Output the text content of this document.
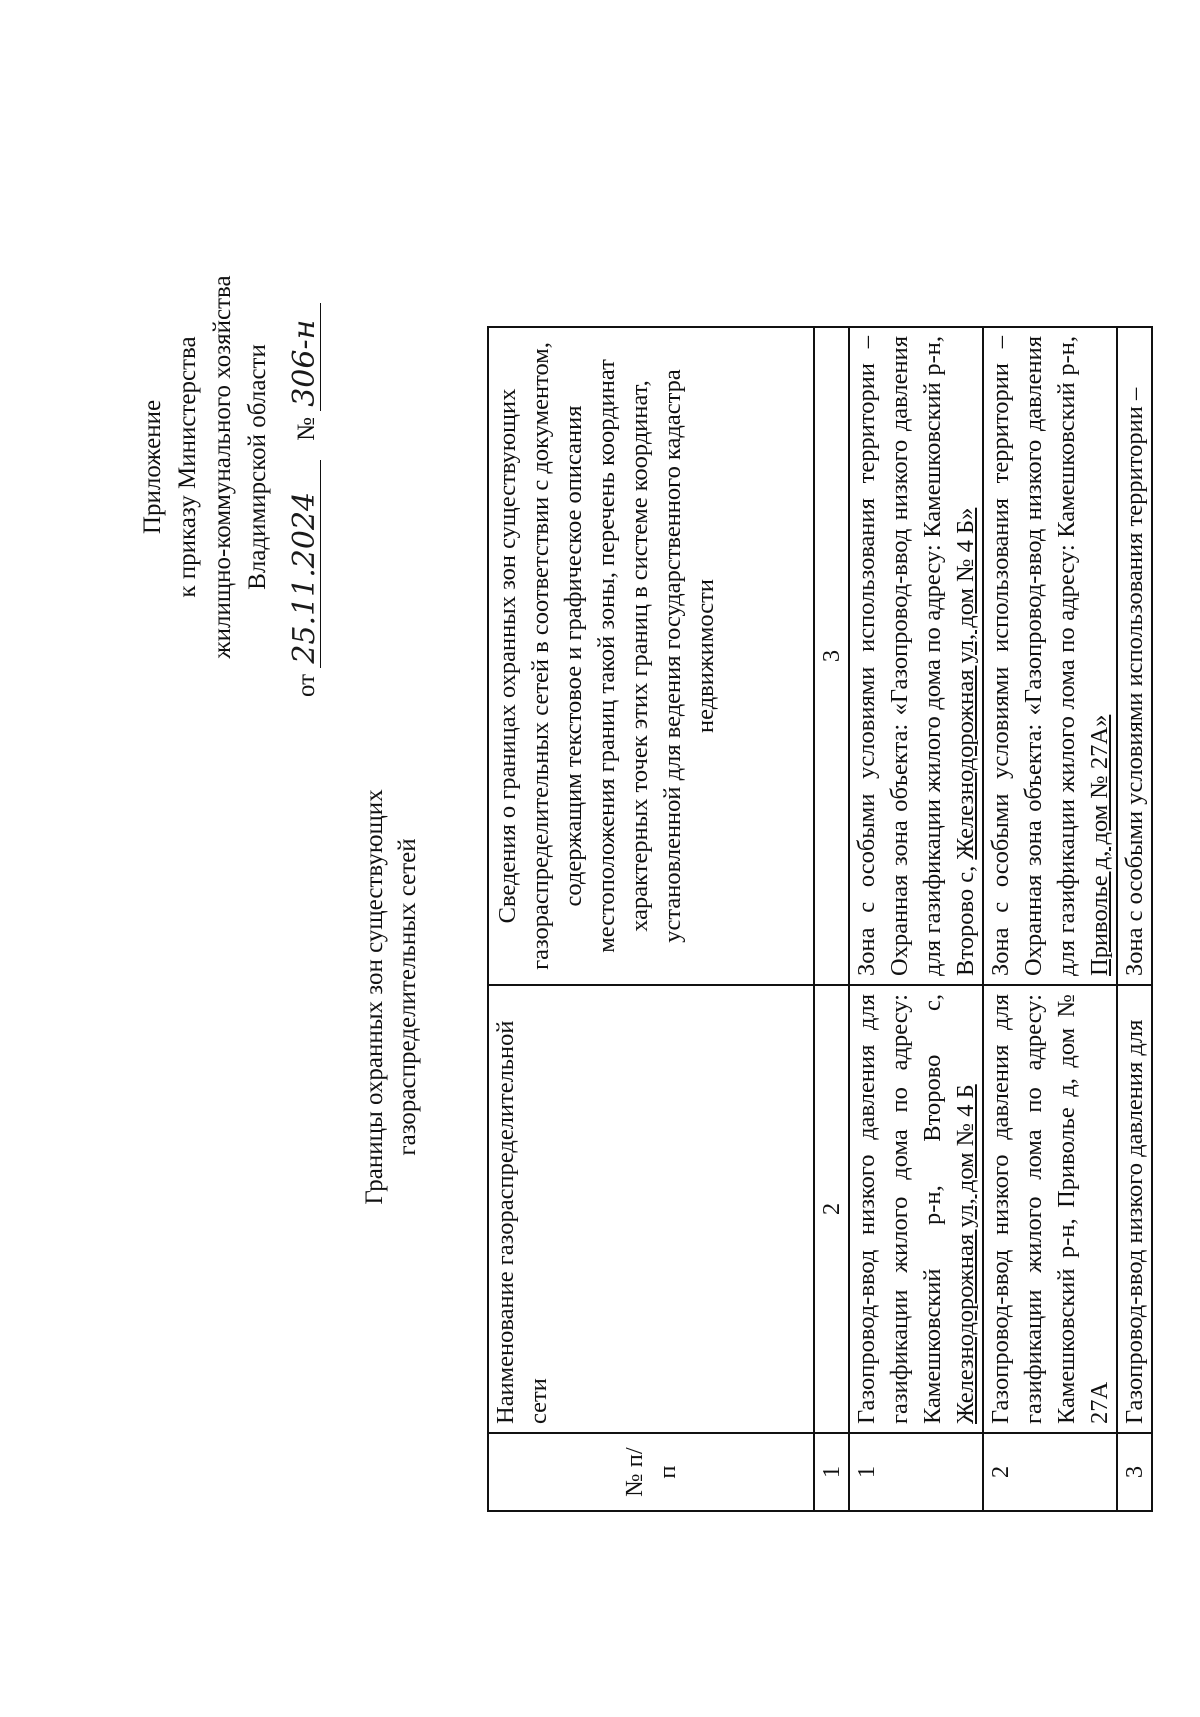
Приложение к приказу Министерства жилищно-коммунального хозяйства Владимирской области
от 25.11.2024   № 306-н
Границы охранных зон существующих газораспределительных сетей
№ п/п	Наименование газораспределительной сети	Сведения о границах охранных зон существующих газораспределительных сетей в соответствии с документом, содержащим текстовое и графическое описания местоположения границ такой зоны, перечень координат характерных точек этих границ в системе координат, установленной для ведения государственного кадастра недвижимости
1	2	3
1	Газопровод-ввод низкого давления для газификации жилого дома по адресу: Камешковский р-н, Второво с, Железнодорожная ул, дом № 4 Б	Зона с особыми условиями использования территории – Охранная зона объекта: «Газопровод-ввод низкого давления для газификации жилого дома по адресу: Камешковский р-н, Второво с, Железнодорожная ул, дом № 4 Б»
2	Газопровод-ввод низкого давления для газификации жилого лома по адресу: Камешковский р-н, Приволье д, дом № 27А	Зона с особыми условиями использования территории – Охранная зона объекта: «Газопровод-ввод низкого давления для газификации жилого лома по адресу: Камешковский р-н, Приволье д, дом № 27А»
3	Газопровод-ввод низкого давления для	Зона с особыми условиями использования территории –
